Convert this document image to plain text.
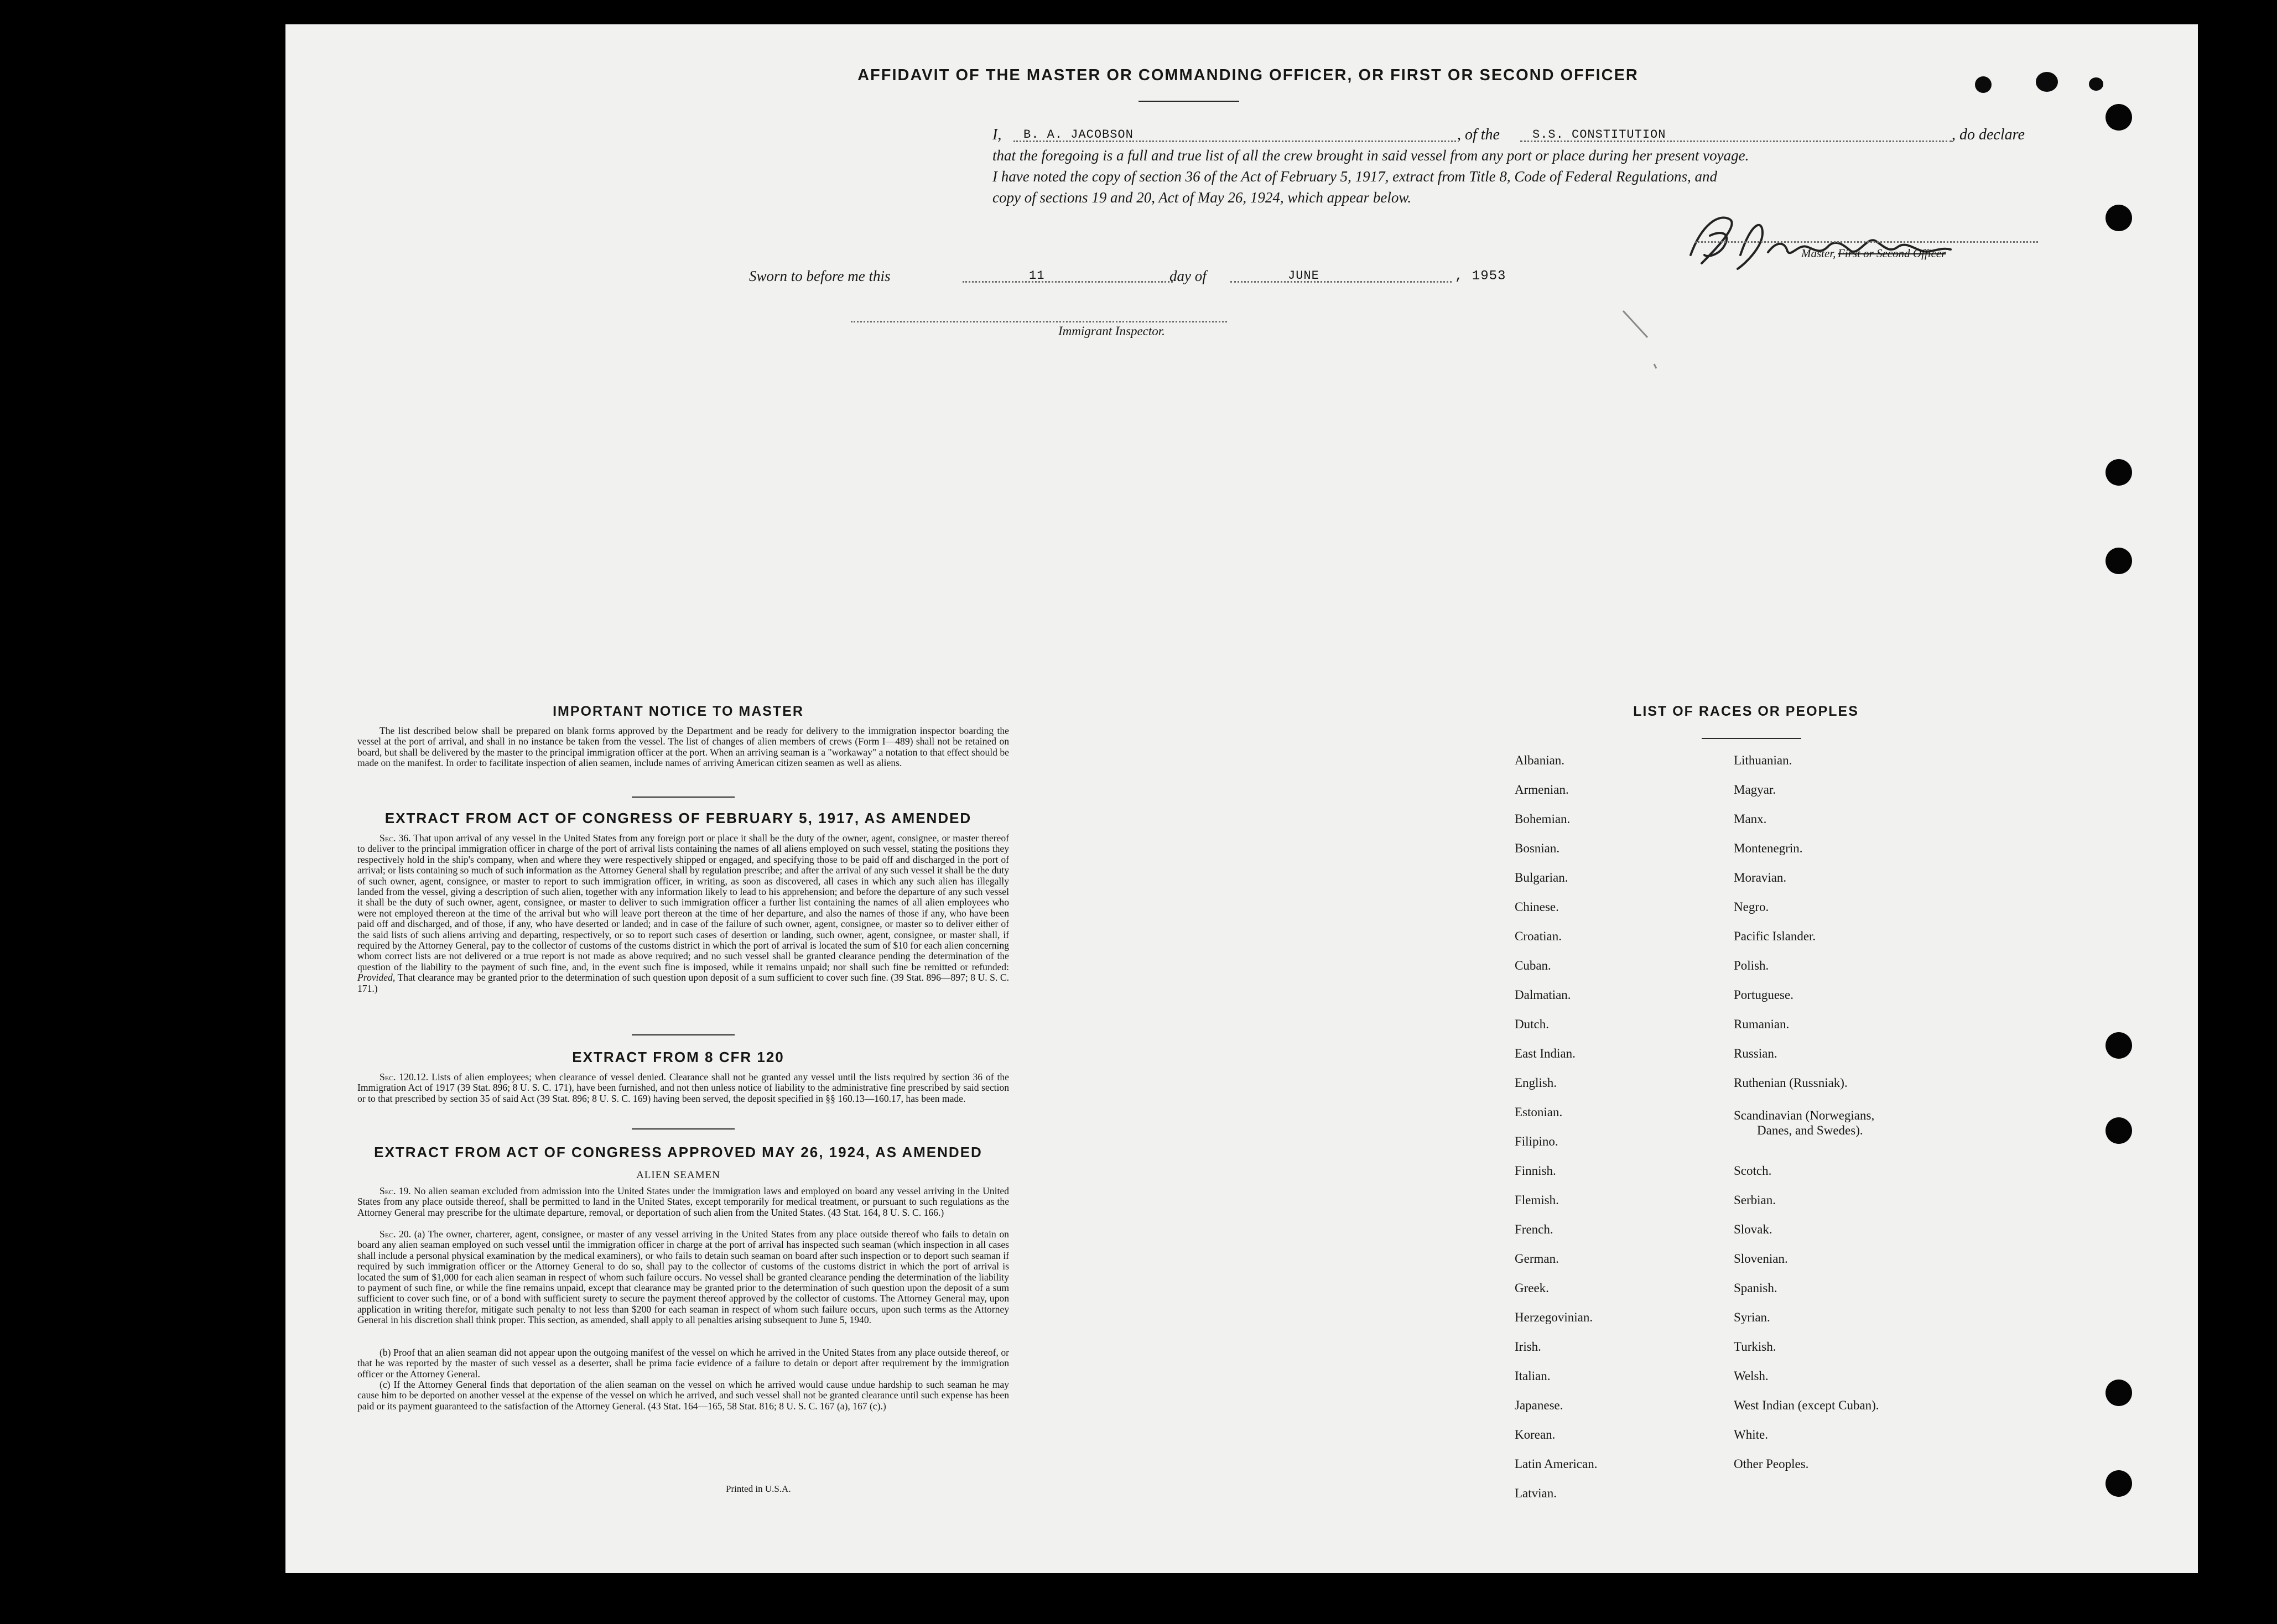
AFFIDAVIT OF THE MASTER OR COMMANDING OFFICER, OR FIRST OR SECOND OFFICER
I, B. A. JACOBSON	, of the	S.S. CONSTITUTION	, do declare
that the foregoing is a full and true list of all the crew brought in said vessel from any port or place during her present voyage.
I have noted the copy of section 36 of the Act of February 5, 1917, extract from Title 8, Code of Federal Regulations, and
copy of sections 19 and 20, Act of May 26, 1924, which appear below.
Master, First or Second Officer
Sworn to before me this	11	day of	JUNE	, 1953
Immigrant Inspector.
IMPORTANT NOTICE TO MASTER
The list described below shall be prepared on blank forms approved by the Department and be ready for delivery to the immigration inspector boarding the vessel at the port of arrival, and shall in no instance be taken from the vessel. The list of changes of alien members of crews (Form I—489) shall not be retained on board, but shall be delivered by the master to the principal immigration officer at the port. When an arriving seaman is a "workaway" a notation to that effect should be made on the manifest. In order to facilitate inspection of alien seamen, include names of arriving American citizen seamen as well as aliens.
EXTRACT FROM ACT OF CONGRESS OF FEBRUARY 5, 1917, AS AMENDED
Sec. 36. That upon arrival of any vessel in the United States from any foreign port or place it shall be the duty of the owner, agent, consignee, or master thereof to deliver to the principal immigration officer in charge of the port of arrival lists containing the names of all aliens employed on such vessel, stating the positions they respectively hold in the ship's company, when and where they were respectively shipped or engaged, and specifying those to be paid off and discharged in the port of arrival; or lists containing so much of such information as the Attorney General shall by regulation prescribe; and after the arrival of any such vessel it shall be the duty of such owner, agent, consignee, or master to report to such immigration officer, in writing, as soon as discovered, all cases in which any such alien has illegally landed from the vessel, giving a description of such alien, together with any information likely to lead to his apprehension; and before the departure of any such vessel it shall be the duty of such owner, agent, consignee, or master to deliver to such immigration officer a further list containing the names of all alien employees who were not employed thereon at the time of the arrival but who will leave port thereon at the time of her departure, and also the names of those if any, who have been paid off and discharged, and of those, if any, who have deserted or landed; and in case of the failure of such owner, agent, consignee, or master so to deliver either of the said lists of such aliens arriving and departing, respectively, or so to report such cases of desertion or landing, such owner, agent, consignee, or master shall, if required by the Attorney General, pay to the collector of customs of the customs district in which the port of arrival is located the sum of $10 for each alien concerning whom correct lists are not delivered or a true report is not made as above required; and no such vessel shall be granted clearance pending the determination of the question of the liability to the payment of such fine, and, in the event such fine is imposed, while it remains unpaid; nor shall such fine be remitted or refunded: Provided, That clearance may be granted prior to the determination of such question upon deposit of a sum sufficient to cover such fine. (39 Stat. 896—897; 8 U. S. C. 171.)
EXTRACT FROM 8 CFR 120
Sec. 120.12. Lists of alien employees; when clearance of vessel denied. Clearance shall not be granted any vessel until the lists required by section 36 of the Immigration Act of 1917 (39 Stat. 896; 8 U. S. C. 171), have been furnished, and not then unless notice of liability to the administrative fine prescribed by said section or to that prescribed by section 35 of said Act (39 Stat. 896; 8 U. S. C. 169) having been served, the deposit specified in §§ 160.13—160.17, has been made.
EXTRACT FROM ACT OF CONGRESS APPROVED MAY 26, 1924, AS AMENDED
ALIEN SEAMEN
Sec. 19. No alien seaman excluded from admission into the United States under the immigration laws and employed on board any vessel arriving in the United States from any place outside thereof, shall be permitted to land in the United States, except temporarily for medical treatment, or pursuant to such regulations as the Attorney General may prescribe for the ultimate departure, removal, or deportation of such alien from the United States. (43 Stat. 164, 8 U. S. C. 166.)
Sec. 20. (a) The owner, charterer, agent, consignee, or master of any vessel arriving in the United States from any place outside thereof who fails to detain on board any alien seaman employed on such vessel until the immigration officer in charge at the port of arrival has inspected such seaman (which inspection in all cases shall include a personal physical examination by the medical examiners), or who fails to detain such seaman on board after such inspection or to deport such seaman if required by such immigration officer or the Attorney General to do so, shall pay to the collector of customs of the customs district in which the port of arrival is located the sum of $1,000 for each alien seaman in respect of whom such failure occurs. No vessel shall be granted clearance pending the determination of the liability to payment of such fine, or while the fine remains unpaid, except that clearance may be granted prior to the determination of such question upon the deposit of a sum sufficient to cover such fine, or of a bond with sufficient surety to secure the payment thereof approved by the collector of customs. The Attorney General may, upon application in writing therefor, mitigate such penalty to not less than $200 for each seaman in respect of whom such failure occurs, upon such terms as the Attorney General in his discretion shall think proper. This section, as amended, shall apply to all penalties arising subsequent to June 5, 1940.
(b) Proof that an alien seaman did not appear upon the outgoing manifest of the vessel on which he arrived in the United States from any place outside thereof, or that he was reported by the master of such vessel as a deserter, shall be prima facie evidence of a failure to detain or deport after requirement by the immigration officer or the Attorney General.
(c) If the Attorney General finds that deportation of the alien seaman on the vessel on which he arrived would cause undue hardship to such seaman he may cause him to be deported on another vessel at the expense of the vessel on which he arrived, and such vessel shall not be granted clearance until such expense has been paid or its payment guaranteed to the satisfaction of the Attorney General. (43 Stat. 164—165, 58 Stat. 816; 8 U. S. C. 167 (a), 167 (c).)
Printed in U.S.A.
LIST OF RACES OR PEOPLES
Albanian.
Armenian.
Bohemian.
Bosnian.
Bulgarian.
Chinese.
Croatian.
Cuban.
Dalmatian.
Dutch.
East Indian.
English.
Estonian.
Filipino.
Finnish.
Flemish.
French.
German.
Greek.
Herzegovinian.
Irish.
Italian.
Japanese.
Korean.
Latin American.
Latvian.
Lithuanian.
Magyar.
Manx.
Montenegrin.
Moravian.
Negro.
Pacific Islander.
Polish.
Portuguese.
Rumanian.
Russian.
Ruthenian (Russniak).
Scandinavian (Norwegians,
Danes, and Swedes).
Scotch.
Serbian.
Slovak.
Slovenian.
Spanish.
Syrian.
Turkish.
Welsh.
West Indian (except Cuban).
White.
Other Peoples.
